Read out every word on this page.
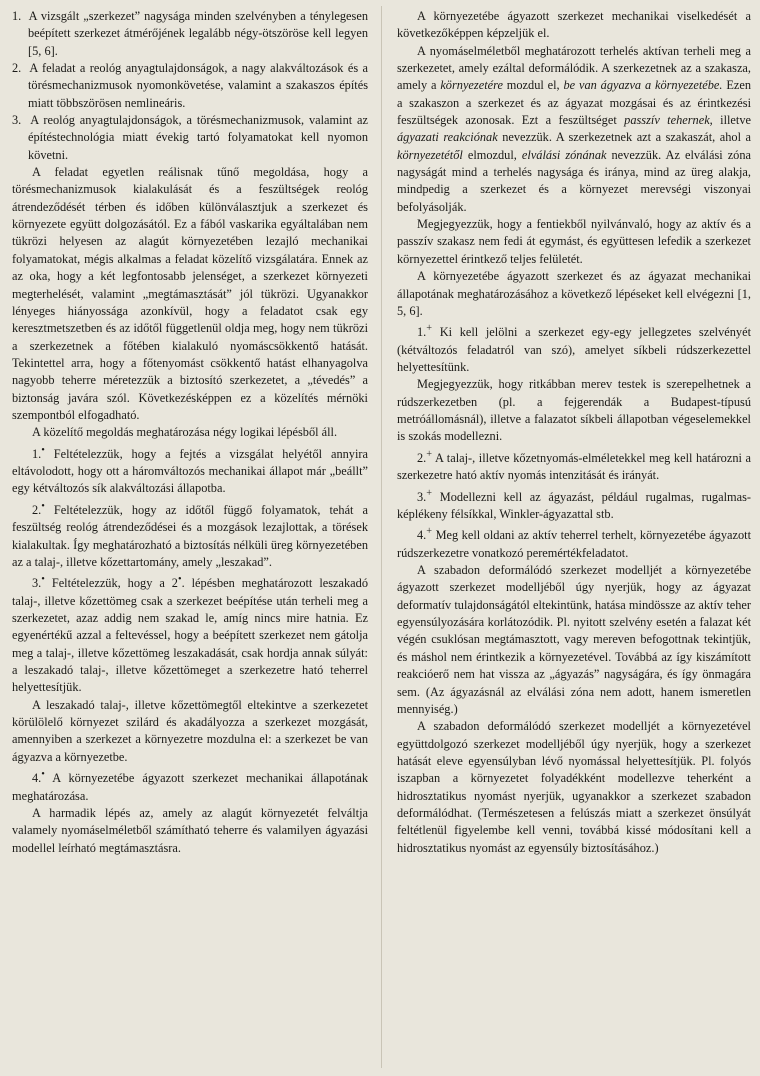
1.  A vizsgált „szerkezet” nagysága minden szelvényben a ténylegesen beépített szerkezet átmérőjének legalább négy-ötszöröse kell legyen [5, 6].

2.  A feladat a reológ anyagtulajdonságok, a nagy alakváltozások és a törésmechanizmusok nyomonkövetése, valamint a szakaszos építés miatt többszörösen nemlineáris.

3.  A reológ anyagtulajdonságok, a törésmechanizmusok, valamint az építéstechnológia miatt évekig tartó folyamatokat kell nyomon követni.

A feladat egyetlen reálisnak tűnő megoldása, hogy a törésmechanizmusok kialakulását és a feszültségek reológ átrendeződését térben és időben különválasztjuk a szerkezet és környezete együtt dolgozásától. Ez a fából vaskarika egyáltalában nem tükrözi helyesen az alagút környezetében lezajló mechanikai folyamatokat, mégis alkalmas a feladat közelítő vizsgálatára. Ennek az az oka, hogy a két legfontosabb jelenséget, a szerkezet környezeti megterhelését, valamint „megtámasztását” jól tükrözi. Ugyanakkor lényeges hiányossága azonkívül, hogy a feladatot csak egy keresztmetszetben és az időtől függetlenül oldja meg, hogy nem tükrözi a szerkezetnek a főtében kialakuló nyomáscsökkentő hatását. Tekintettel arra, hogy a főtenyomást csökkentő hatást elhanyagolva nagyobb teherre méretezzük a biztosító szerkezetet, a „tévedés” a biztonság javára szól. Következésképpen ez a közelítés mérnöki szempontból elfogadható.

A közelítő megoldás meghatározása négy logikai lépésből áll.

1.• Feltételezzük, hogy a fejtés a vizsgálat helyétől annyira eltávolodott, hogy ott a háromváltozós mechanikai állapot már „beállt” egy kétváltozós sík alakváltozási állapotba.

2.• Feltételezzük, hogy az időtől függő folyamatok, tehát a feszültség reológ átrendeződései és a mozgások lezajlottak, a törések kialakultak. Így meghatározható a biztosítás nélküli üreg környezetében az a talaj-, illetve kőzettartomány, amely „leszakad”.

3.• Feltételezzük, hogy a 2•. lépésben meghatározott leszakadó talaj-, illetve kőzettömeg csak a szerkezet beépítése után terheli meg a szerkezetet, azaz addig nem szakad le, amíg nincs mire hatnia. Ez egyenértékű azzal a feltevéssel, hogy a beépített szerkezet nem gátolja meg a talaj-, illetve kőzettömeg leszakadását, csak hordja annak súlyát: a leszakadó talaj-, illetve kőzettömeget a szerkezetre ható teherrel helyettesítjük.

A leszakadó talaj-, illetve kőzettömegtől eltekintve a szerkezetet körülölelő környezet szilárd és akadályozza a szerkezet mozgását, amennyiben a szerkezet a környezetre mozdulna el: a szerkezet be van ágyazva a környezetbe.

4.• A környezetébe ágyazott szerkezet mechanikai állapotának meghatározása.

A harmadik lépés az, amely az alagút környezetét felváltja valamely nyomáselméletből számítható teherre és valamilyen ágyazási modellel leírható megtámasztásra.

A környezetébe ágyazott szerkezet mechanikai viselkedését a következőképpen képzeljük el.

A nyomáselméletből meghatározott terhelés aktívan terheli meg a szerkezetet, amely ezáltal deformálódik. A szerkezetnek az a szakasza, amely a környezetére mozdul el, be van ágyazva a környezetébe. Ezen a szakaszon a szerkezet és az ágyazat mozgásai és az érintkezési feszültségek azonosak. Ezt a feszültséget passzív tehernek, illetve ágyazati reakciónak nevezzük. A szerkezetnek azt a szakaszát, ahol a környezetétől elmozdul, elválási zónának nevezzük. Az elválási zóna nagyságát mind a terhelés nagysága és iránya, mind az üreg alakja, mindpedig a szerkezet és a környezet merevségi viszonyai befolyásolják.

Megjegyezzük, hogy a fentiekből nyilvánvaló, hogy az aktív és a passzív szakasz nem fedi át egymást, és együttesen lefedik a szerkezet környezettel érintkező teljes felületét.

A környezetébe ágyazott szerkezet és az ágyazat mechanikai állapotának meghatározásához a következő lépéseket kell elvégezni [1, 5, 6].

1.+ Ki kell jelölni a szerkezet egy-egy jellegzetes szelvényét (kétváltozós feladatról van szó), amelyet síkbeli rúdszerkezettel helyettesítünk.

Megjegyezzük, hogy ritkábban merev testek is szerepelhetnek a rúdszerkezetben (pl. a fejgerendák a Budapest-típusú metróállomásnál), illetve a falazatot síkbeli állapotban végeselemekkel is szokás modellezni.

2.+ A talaj-, illetve kőzetnyomás-elméletekkel meg kell határozni a szerkezetre ható aktív nyomás intenzitását és irányát.

3.+ Modellezni kell az ágyazást, például rugalmas, rugalmas-képlékeny félsíkkal, Winkler-ágyazattal stb.

4.+ Meg kell oldani az aktív teherrel terhelt, környezetébe ágyazott rúdszerkezetre vonatkozó peremértékfeladatot.

A szabadon deformálódó szerkezet modelljét a környezetébe ágyazott szerkezet modelljéből úgy nyerjük, hogy az ágyazat deformatív tulajdonságától eltekintünk, hatása mindössze az aktív teher egyensúlyozására korlátozódik. Pl. nyitott szelvény esetén a falazat két végén csuklósan megtámasztott, vagy mereven befogottnak tekintjük, és máshol nem érintkezik a környezetével. Továbbá az így kiszámított reakcióerő nem hat vissza az „ágyazás” nagyságára, és így önmagára sem. (Az ágyazásnál az elválási zóna nem adott, hanem ismeretlen mennyiség.)

A szabadon deformálódó szerkezet modelljét a környezetével együttdolgozó szerkezet modelljéből úgy nyerjük, hogy a szerkezet hatását eleve egyensúlyban lévő nyomással helyettesítjük. Pl. folyós iszapban a környezetet folyadékként modellezve teherként a hidrosztatikus nyomást nyerjük, ugyanakkor a szerkezet szabadon deformálódhat. (Természetesen a felúszás miatt a szerkezet önsúlyát feltétlenül figyelembe kell venni, továbbá kissé módosítani kell a hidrosztatikus nyomást az egyensúly biztosításához.)
